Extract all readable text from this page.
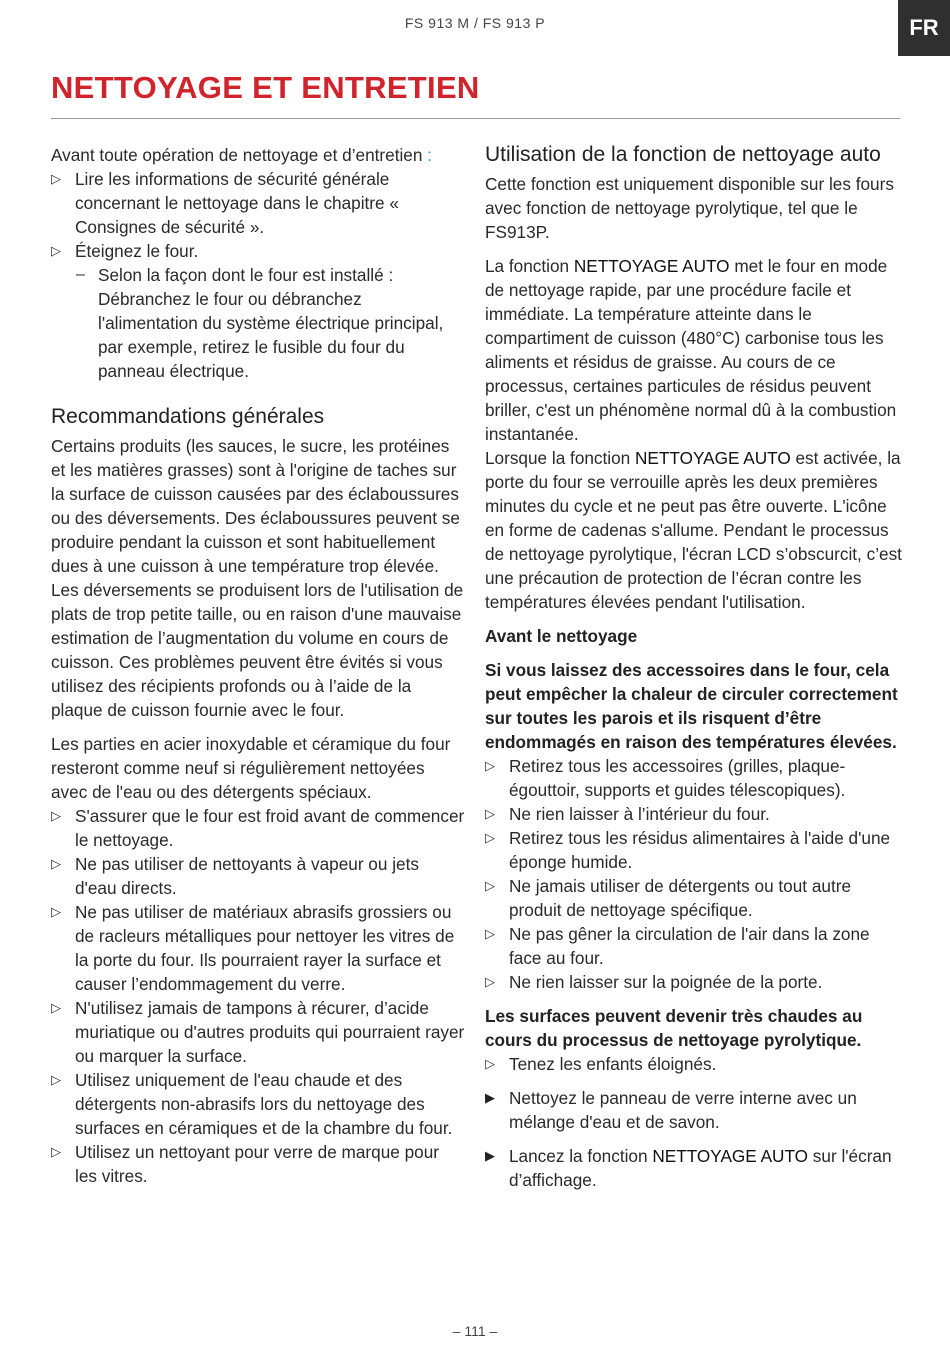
FS 913 M / FS 913 P	FR
NETTOYAGE ET ENTRETIEN

Avant toute opération de nettoyage et d’entretien :

▷ Lire les informations de sécurité générale concernant le nettoyage dans le chapitre « Consignes de sécurité ».
▷ Éteignez le four.
– Selon la façon dont le four est installé : Débranchez le four ou débranchez l'alimentation du système électrique principal, par exemple, retirez le fusible du four du panneau électrique.
Recommandations générales

Certains produits (les sauces, le sucre, les protéines et les matières grasses) sont à l'origine de taches sur la surface de cuisson causées par des éclaboussures ou des déversements. Des éclaboussures peuvent se produire pendant la cuisson et sont habituellement dues à une cuisson à une température trop élevée. Les déversements se produisent lors de l'utilisation de plats de trop petite taille, ou en raison d'une mauvaise estimation de l’augmentation du volume en cours de cuisson. Ces problèmes peuvent être évités si vous utilisez des récipients profonds ou à l’aide de la plaque de cuisson fournie avec le four.

Les parties en acier inoxydable et céramique du four resteront comme neuf si régulièrement nettoyées avec de l'eau ou des détergents spéciaux.

▷ S'assurer que le four est froid avant de commencer le nettoyage.
▷ Ne pas utiliser de nettoyants à vapeur ou jets d'eau directs.
▷ Ne pas utiliser de matériaux abrasifs grossiers ou de racleurs métalliques pour nettoyer les vitres de la porte du four. Ils pourraient rayer la surface et causer l’endommagement du verre.
▷ N'utilisez jamais de tampons à récurer, d’acide muriatique ou d'autres produits qui pourraient rayer ou marquer la surface.
▷ Utilisez uniquement de l'eau chaude et des détergents non-abrasifs lors du nettoyage des surfaces en céramiques et de la chambre du four.
▷ Utilisez un nettoyant pour verre de marque pour les vitres.
Utilisation de la fonction de nettoyage auto

Cette fonction est uniquement disponible sur les fours avec fonction de nettoyage pyrolytique, tel que le FS913P.

La fonction NETTOYAGE AUTO met le four en mode de nettoyage rapide, par une procédure facile et immédiate. La température atteinte dans le compartiment de cuisson (480°C) carbonise tous les aliments et résidus de graisse. Au cours de ce processus, certaines particules de résidus peuvent briller, c'est un phénomène normal dû à la combustion instantanée.

Lorsque la fonction NETTOYAGE AUTO est activée, la porte du four se verrouille après les deux premières minutes du cycle et ne peut pas être ouverte. L'icône en forme de cadenas s'allume. Pendant le processus de nettoyage pyrolytique, l'écran LCD s’obscurcit, c’est une précaution de protection de l’écran contre les températures élevées pendant l'utilisation.

Avant le nettoyage

Si vous laissez des accessoires dans le four, cela peut empêcher la chaleur de circuler correctement sur toutes les parois et ils risquent d’être endommagés en raison des températures élevées.

▷ Retirez tous les accessoires (grilles, plaque-égouttoir, supports et guides télescopiques).
▷ Ne rien laisser à l’intérieur du four.
▷ Retirez tous les résidus alimentaires à l'aide d'une éponge humide.
▷ Ne jamais utiliser de détergents ou tout autre produit de nettoyage spécifique.
▷ Ne pas gêner la circulation de l'air dans la zone face au four.
▷ Ne rien laisser sur la poignée de la porte.

Les surfaces peuvent devenir très chaudes au cours du processus de nettoyage pyrolytique.

▷ Tenez les enfants éloignés.
▶ Nettoyez le panneau de verre interne avec un mélange d'eau et de savon.
▶ Lancez la fonction NETTOYAGE AUTO sur l'écran d’affichage.
– 111 –
